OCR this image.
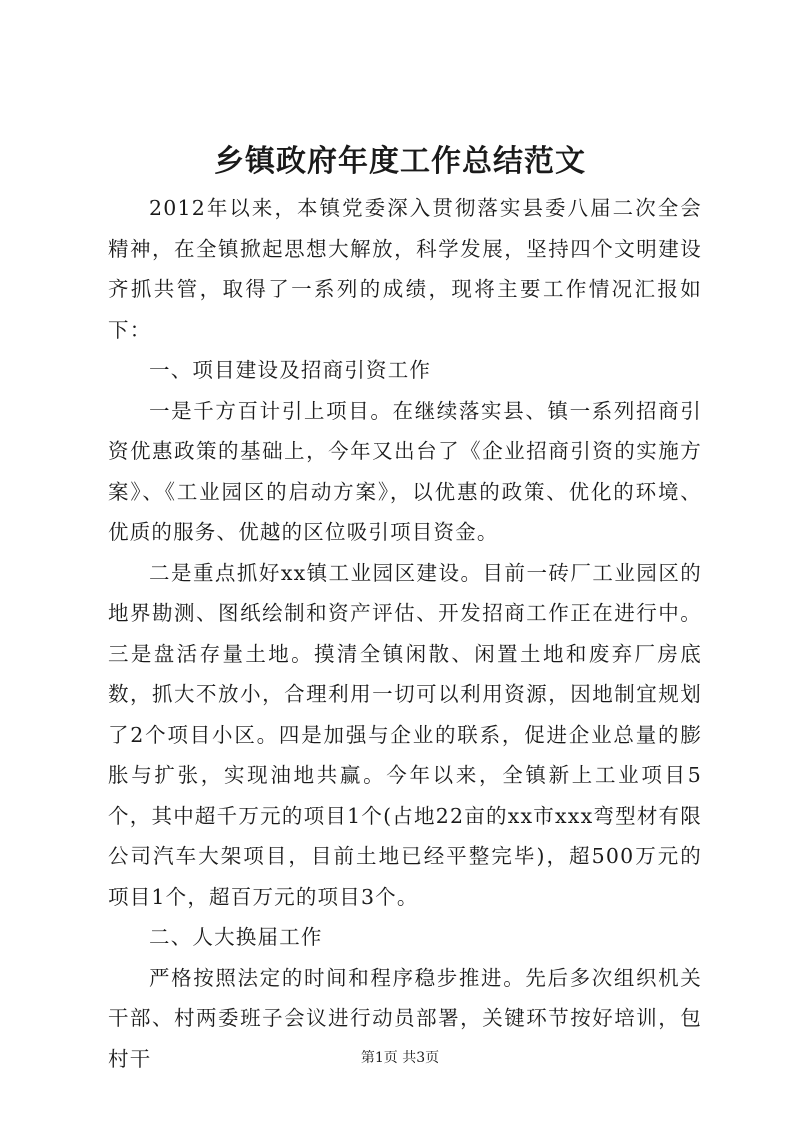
乡镇政府年度工作总结范文

2012年以来，本镇党委深入贯彻落实县委八届二次全会精神，在全镇掀起思想大解放，科学发展，坚持四个文明建设齐抓共管，取得了一系列的成绩，现将主要工作情况汇报如下：

一、项目建设及招商引资工作

一是千方百计引上项目。在继续落实县、镇一系列招商引资优惠政策的基础上，今年又出台了《企业招商引资的实施方案》、《工业园区的启动方案》，以优惠的政策、优化的环境、优质的服务、优越的区位吸引项目资金。

二是重点抓好xx镇工业园区建设。目前一砖厂工业园区的地界勘测、图纸绘制和资产评估、开发招商工作正在进行中。三是盘活存量土地。摸清全镇闲散、闲置土地和废弃厂房底数，抓大不放小，合理利用一切可以利用资源，因地制宜规划了2个项目小区。四是加强与企业的联系，促进企业总量的膨胀与扩张，实现油地共赢。今年以来，全镇新上工业项目5个，其中超千万元的项目1个(占地22亩的xx市xxx弯型材有限公司汽车大架项目，目前土地已经平整完毕)，超500万元的项目1个，超百万元的项目3个。

二、人大换届工作

严格按照法定的时间和程序稳步推进。先后多次组织机关干部、村两委班子会议进行动员部署，关键环节按好培训，包村干	第1页 共3页
